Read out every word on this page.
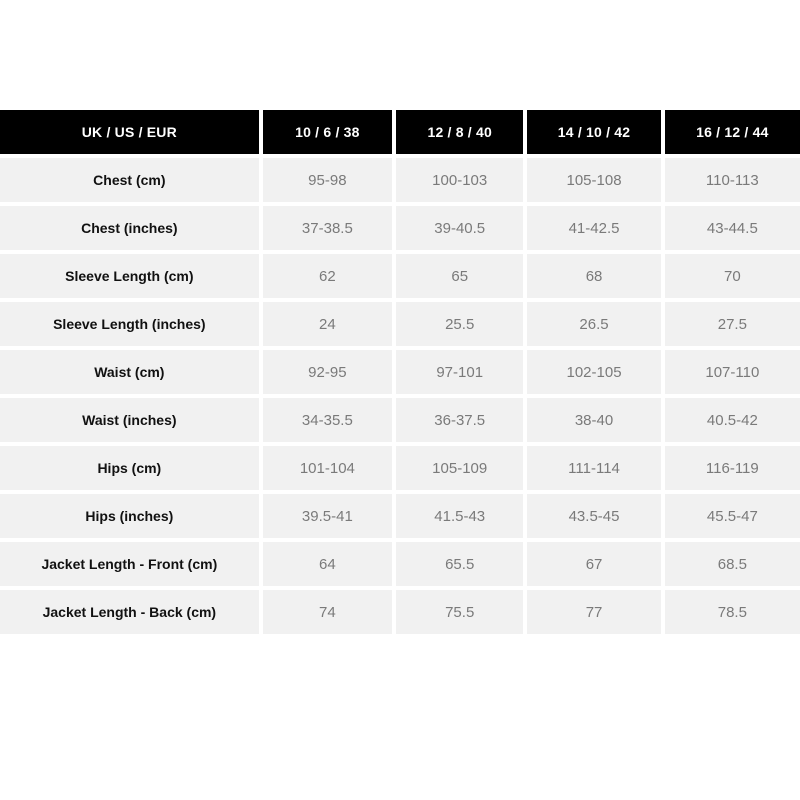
UK / US / EUR	10 / 6 / 38	12 / 8 / 40	14 / 10 / 42	16 / 12 / 44
Chest (cm)	95-98	100-103	105-108	110-113
Chest (inches)	37-38.5	39-40.5	41-42.5	43-44.5
Sleeve Length (cm)	62	65	68	70
Sleeve Length (inches)	24	25.5	26.5	27.5
Waist (cm)	92-95	97-101	102-105	107-110
Waist (inches)	34-35.5	36-37.5	38-40	40.5-42
Hips (cm)	101-104	105-109	111-114	116-119
Hips (inches)	39.5-41	41.5-43	43.5-45	45.5-47
Jacket Length - Front (cm)	64	65.5	67	68.5
Jacket Length - Back (cm)	74	75.5	77	78.5
